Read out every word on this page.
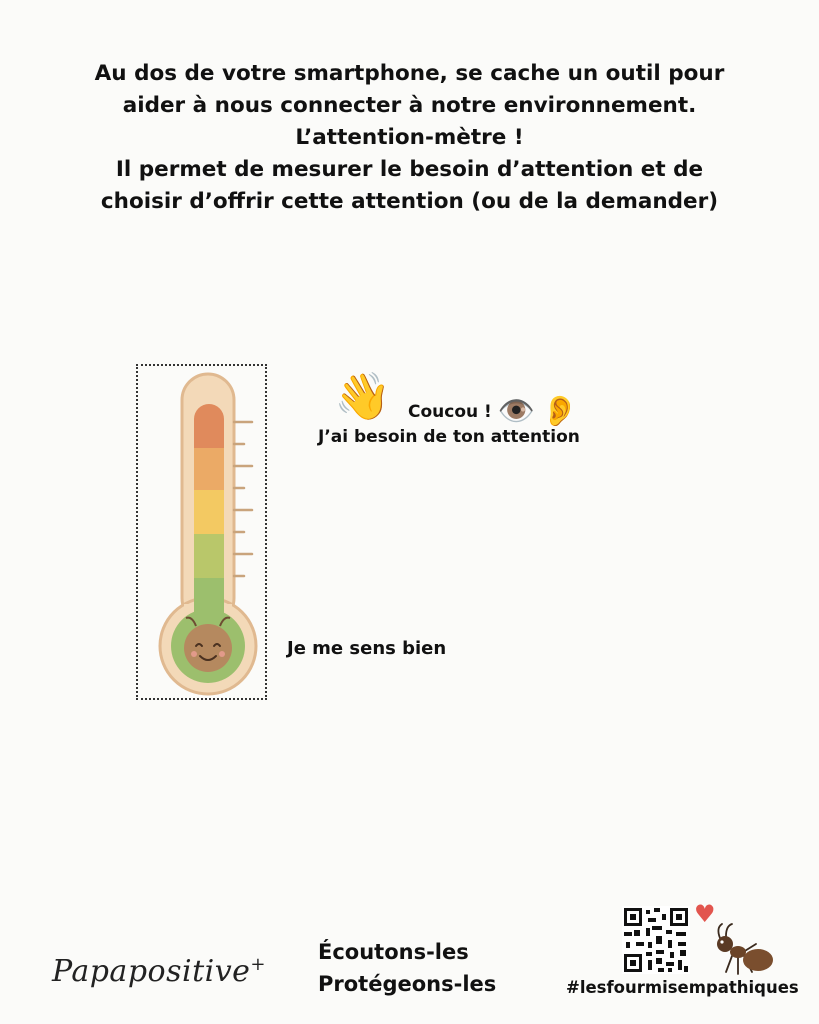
Au dos de votre smartphone, se cache un outil pour
aider à nous connecter à notre environnement.
L’attention-mètre !
Il permet de mesurer le besoin d’attention et de
choisir d’offrir cette attention (ou de la demander)
👋 Coucou ! 👁️ 👂
J’ai besoin de ton attention
Je me sens bien
Papapositive+
Écoutons-les
Protégeons-les
♥
#lesfourmisempathiques
